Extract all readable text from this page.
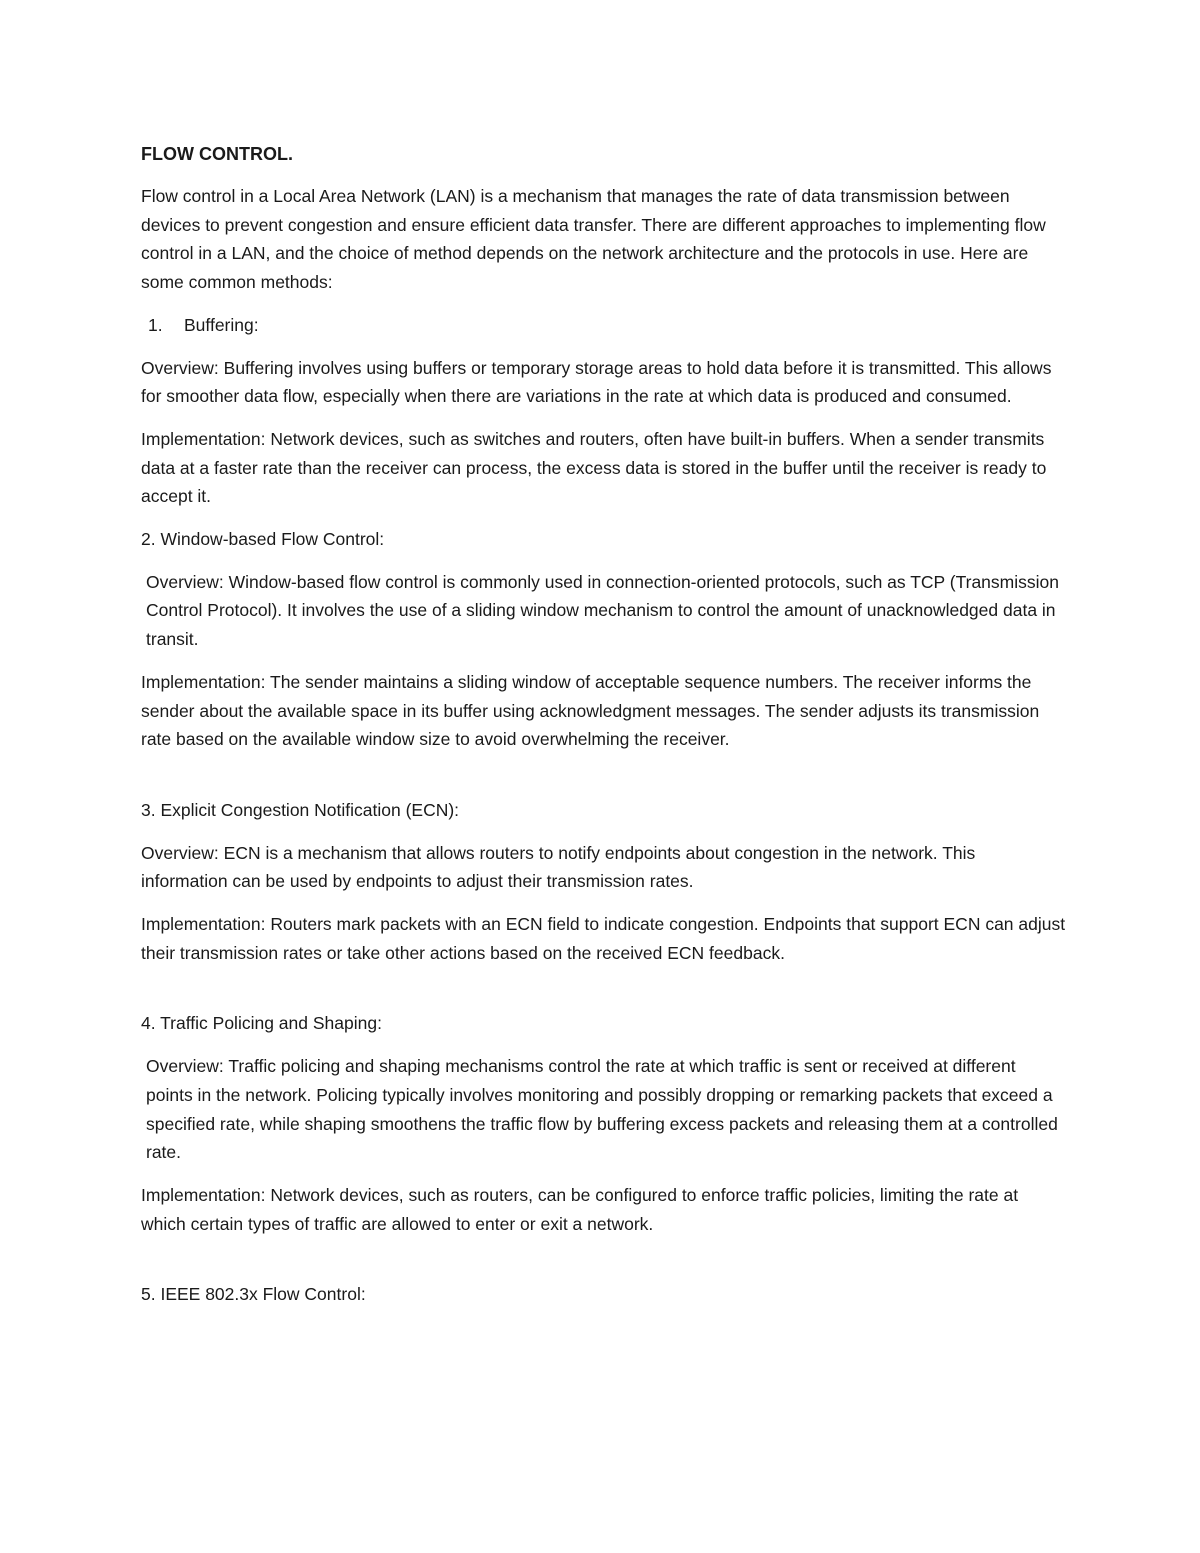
FLOW CONTROL.

Flow control in a Local Area Network (LAN) is a mechanism that manages the rate of data transmission between devices to prevent congestion and ensure efficient data transfer. There are different approaches to implementing flow control in a LAN, and the choice of method depends on the network architecture and the protocols in use. Here are some common methods:

1.	Buffering:

Overview: Buffering involves using buffers or temporary storage areas to hold data before it is transmitted. This allows for smoother data flow, especially when there are variations in the rate at which data is produced and consumed.

Implementation: Network devices, such as switches and routers, often have built-in buffers. When a sender transmits data at a faster rate than the receiver can process, the excess data is stored in the buffer until the receiver is ready to accept it.

2. Window-based Flow Control:

Overview: Window-based flow control is commonly used in connection-oriented protocols, such as TCP (Transmission Control Protocol). It involves the use of a sliding window mechanism to control the amount of unacknowledged data in transit.

Implementation: The sender maintains a sliding window of acceptable sequence numbers. The receiver informs the sender about the available space in its buffer using acknowledgment messages. The sender adjusts its transmission rate based on the available window size to avoid overwhelming the receiver.

3. Explicit Congestion Notification (ECN):

Overview: ECN is a mechanism that allows routers to notify endpoints about congestion in the network. This information can be used by endpoints to adjust their transmission rates.

Implementation: Routers mark packets with an ECN field to indicate congestion. Endpoints that support ECN can adjust their transmission rates or take other actions based on the received ECN feedback.

4. Traffic Policing and Shaping:

Overview: Traffic policing and shaping mechanisms control the rate at which traffic is sent or received at different points in the network. Policing typically involves monitoring and possibly dropping or remarking packets that exceed a specified rate, while shaping smoothens the traffic flow by buffering excess packets and releasing them at a controlled rate.

Implementation: Network devices, such as routers, can be configured to enforce traffic policies, limiting the rate at which certain types of traffic are allowed to enter or exit a network.

5. IEEE 802.3x Flow Control:
